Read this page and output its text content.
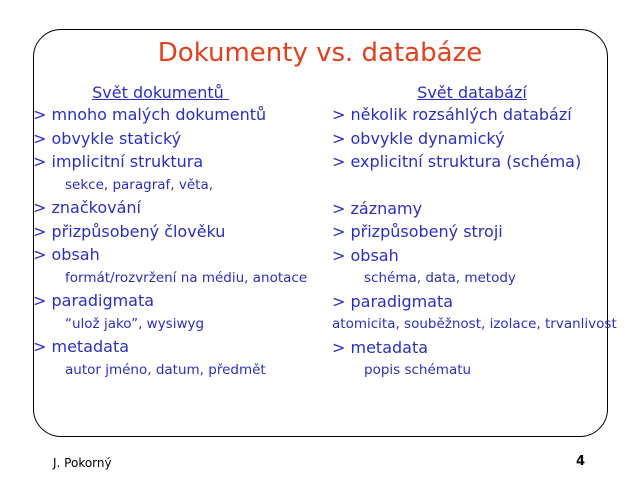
Dokumenty vs. databáze
Svět dokumentů
> mnoho malých dokumentů
> obvykle statický
> implicitní struktura
sekce, paragraf, věta,
> značkování
> přizpůsobený člověku
> obsah
formát/rozvržení na médiu, anotace
> paradigmata
“ulož jako”, wysiwyg
> metadata
autor jméno, datum, předmět
Svět databází
> několik rozsáhlých databází
> obvykle dynamický
> explicitní struktura (schéma)
> záznamy
> přizpůsobený stroji
> obsah
schéma, data, metody
> paradigmata
atomicita, souběžnost, izolace, trvanlivost
> metadata
popis schématu
J. Pokorný	4
